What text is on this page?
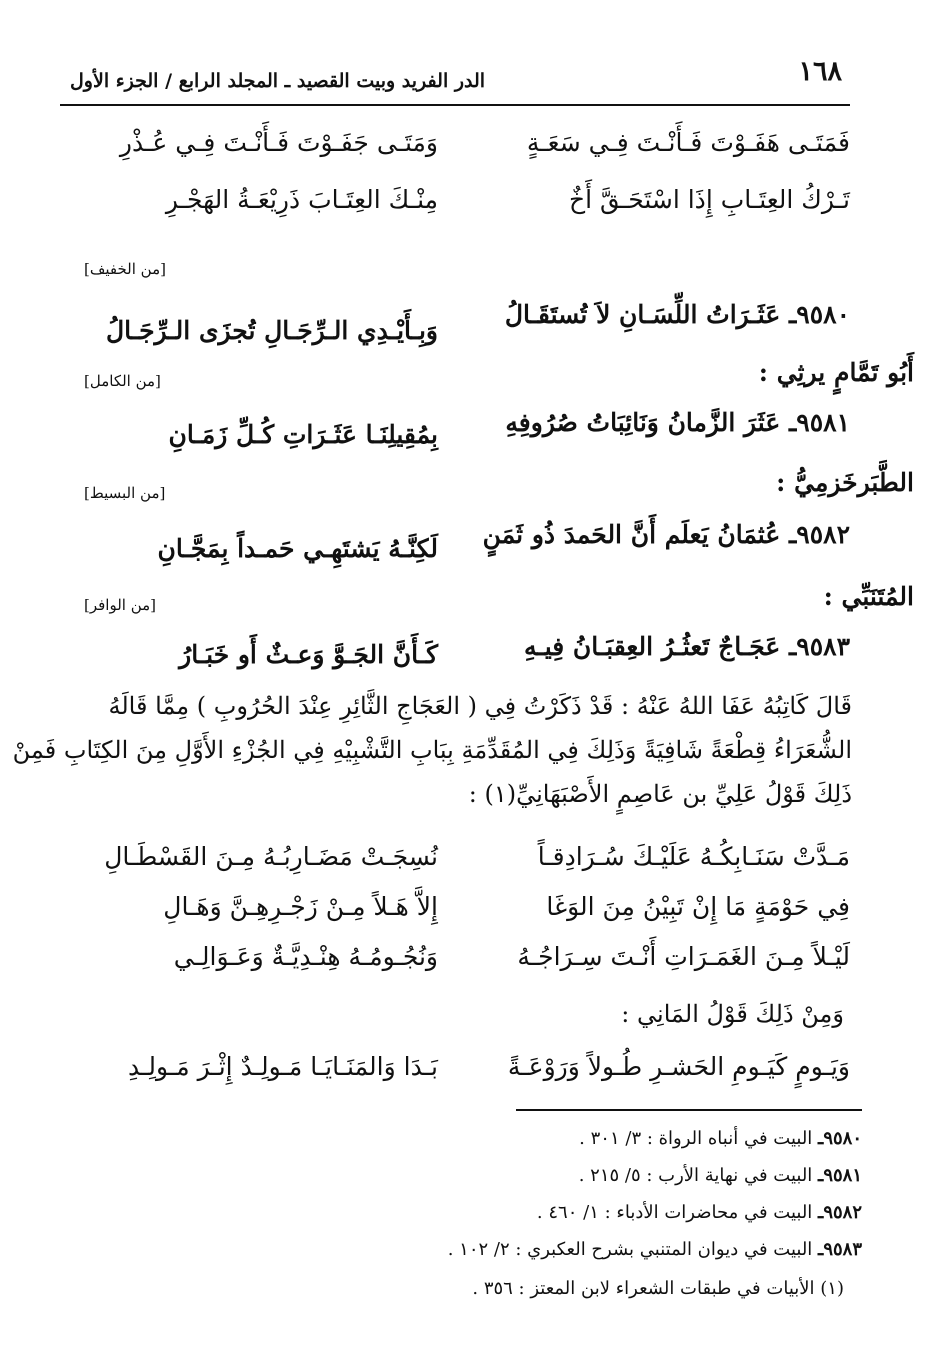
١٦٨
الدر الفريد وبيت القصيد ـ المجلد الرابع / الجزء الأول
فَمَتَـى هَفَـوْتَ فَـأَنْـتَ فِـي سَعَـةٍ
وَمَتَـى جَفَـوْتَ فَـأَنْـتَ فِـي عُـذْرِ
تَـرْكُ العِتَـابِ إِذَا اسْتَحَـقَّ أَخٌ
مِنْـكَ العِتَـابَ ذَرِيْعَـةُ الهَجْـرِ
[من الخفيف]
٩٥٨٠ـ عَثَـرَاتُ اللِّسَـانِ لاَ تُستَقَـالُ
وَبِـأَيْـدِي الـرِّجَـالِ تُجزَى الـرِّجَـالُ
أَبُو تَمَّامٍ يرثِي :
[من الكامل]
٩٥٨١ـ عَثَرَ الزَّمانُ وَنَائِبَاتُ صُرُوفِهِ
بِمُقِيلِنَـا عَثَـرَاتِ كُـلِّ زَمَـانِ
الطَّبَرخَزمِيُّ :
[من البسيط]
٩٥٨٢ـ عُثمَانُ يَعلَم أَنَّ الحَمدَ ذُو ثَمَنٍ
لَكِنَّـهُ يَشتَهِـي حَمـداً بِمَجَّـانِ
المُتَنَبِّي :
[من الوافر]
٩٥٨٣ـ عَجَـاجٌ تَعثُـرُ العِقبَـانُ فِيـهِ
كَـأَنَّ الجَـوَّ وَعـثٌ أَو خَبَـارُ
قَالَ كَاتِبُهُ عَفَا اللهُ عَنْهُ : قَدْ ذَكَرْتُ فِي ( العَجَاجِ الثَّائِرِ عِنْدَ الحُرُوبِ ) مِمَّا قَالَهُ
الشُّعَرَاءُ قِطْعَةً شَافِيَةً وَذَلِكَ فِي المُقَدِّمَةِ بِبَابِ التَّشْبِيْهِ فِي الجُزْءِ الأَوَّلِ مِنَ الكِتَابِ فَمِنْ
ذَلِكَ قَوْلُ عَلِيِّ بن عَاصِمٍ الأَصْبَهَانِيِّ(١) :
مَـدَّتْ سَنَـابِكُـهُ عَلَيْـكَ سُـرَادِقـاً
نُسِجَـتْ مَضَـارِبُـهُ مِـنَ القَسْطَـالِ
فِي حَوْمَةٍ مَا إِنْ تَبِيْنُ مِنَ الوَغَا
إِلاَّ هَـلاً مِـنْ زَجْـرِهِـنَّ وَهَـالِ
لَيْـلاً مِـنَ الغَمَـرَاتِ أَنْـتَ سِـرَاجُـهُ
وَنُجُـومُـهُ هِنْـدِيَّـةٌ وَعَـوَالِـي
وَمِنْ ذَلِكَ قَوْلُ المَانِي :
وَيَـومٍ كَيَـومِ الحَشـرِ طُـولاً وَرَوْعَـةً
بَـدَا وَالمَنَـايَـا مَـولِـدٌ إِثْـرَ مَـولِـدِ
٩٥٨٠ـ البيت في أنباه الرواة : ٣/ ٣٠١ .
٩٥٨١ـ البيت في نهاية الأرب : ٥/ ٢١٥ .
٩٥٨٢ـ البيت في محاضرات الأدباء : ١/ ٤٦٠ .
٩٥٨٣ـ البيت في ديوان المتنبي بشرح العكبري : ٢/ ١٠٢ .
(١) الأبيات في طبقات الشعراء لابن المعتز : ٣٥٦ .
